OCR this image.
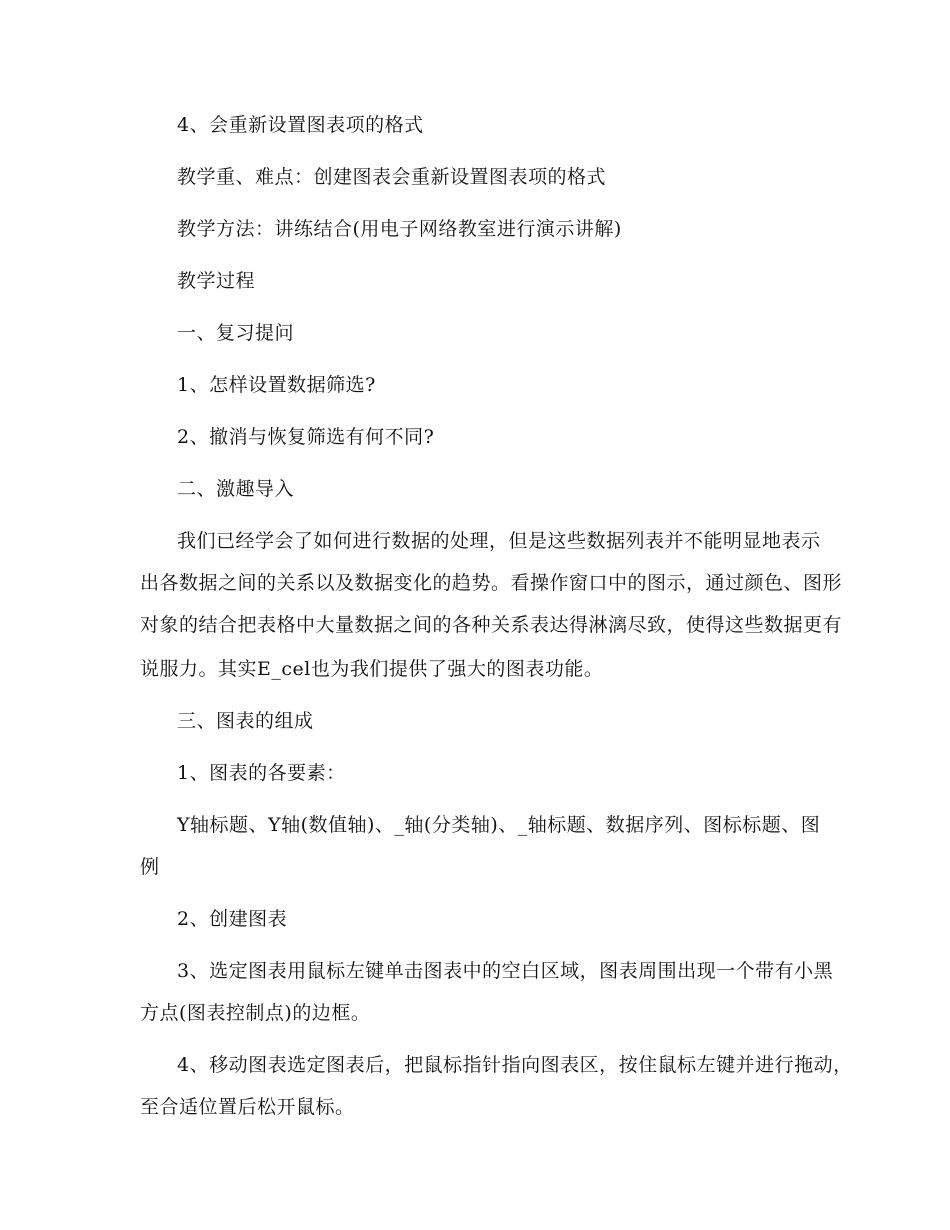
4、会重新设置图表项的格式
教学重、难点：创建图表会重新设置图表项的格式
教学方法：讲练结合(用电子网络教室进行演示讲解)
教学过程
一、复习提问
1、怎样设置数据筛选?
2、撤消与恢复筛选有何不同?
二、激趣导入
我们已经学会了如何进行数据的处理，但是这些数据列表并不能明显地表示
出各数据之间的关系以及数据变化的趋势。看操作窗口中的图示，通过颜色、图形
对象的结合把表格中大量数据之间的各种关系表达得淋漓尽致，使得这些数据更有
说服力。其实E_cel也为我们提供了强大的图表功能。
三、图表的组成
1、图表的各要素：
Y轴标题、Y轴(数值轴)、_轴(分类轴)、_轴标题、数据序列、图标标题、图
例
2、创建图表
3、选定图表用鼠标左键单击图表中的空白区域，图表周围出现一个带有小黑
方点(图表控制点)的边框。
4、移动图表选定图表后，把鼠标指针指向图表区，按住鼠标左键并进行拖动，
至合适位置后松开鼠标。
